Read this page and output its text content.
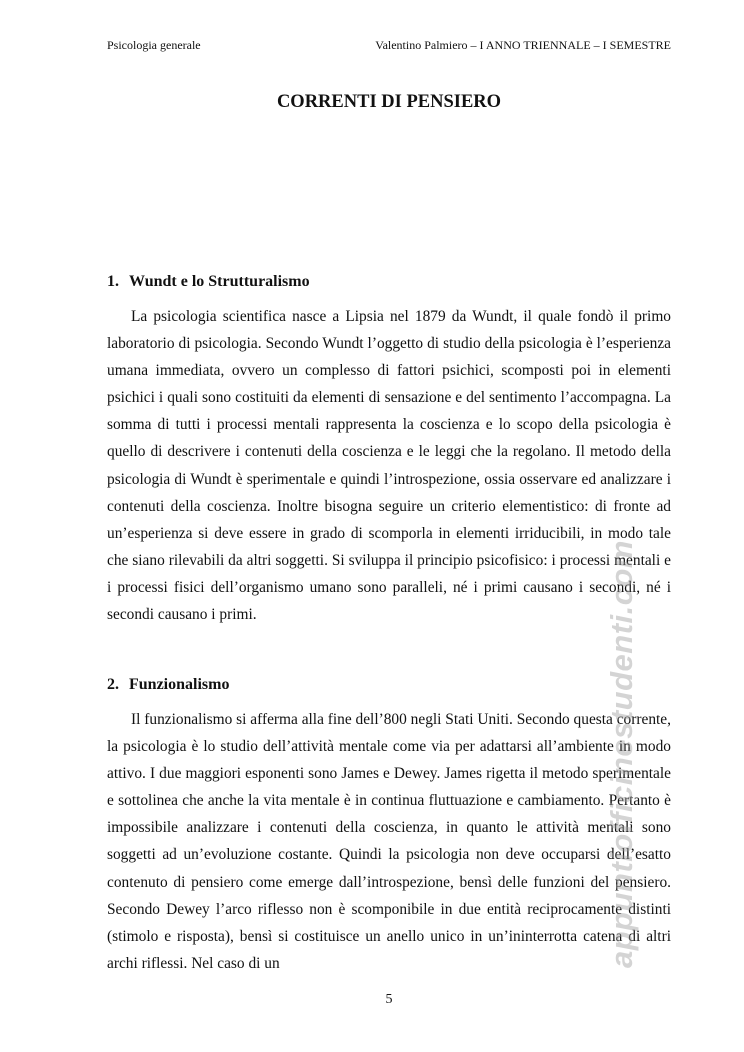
Psicologia generale	Valentino Palmiero – I ANNO TRIENNALE – I SEMESTRE
CORRENTI DI PENSIERO
1. Wundt e lo Strutturalismo

La psicologia scientifica nasce a Lipsia nel 1879 da Wundt, il quale fondò il primo laboratorio di psicologia. Secondo Wundt l’oggetto di studio della psicologia è l’esperienza umana immediata, ovvero un complesso di fattori psichici, scomposti poi in elementi psichici i quali sono costituiti da elementi di sensazione e del sentimento l’accompagna. La somma di tutti i processi mentali rappresenta la coscienza e lo scopo della psicologia è quello di descrivere i contenuti della coscienza e le leggi che la regolano. Il metodo della psicologia di Wundt è sperimentale e quindi l’introspezione, ossia osservare ed analizzare i contenuti della coscienza. Inoltre bisogna seguire un criterio elementistico: di fronte ad un’esperienza si deve essere in grado di scomporla in elementi irriducibili, in modo tale che siano rilevabili da altri soggetti. Si sviluppa il principio psicofisico: i processi mentali e i processi fisici dell’organismo umano sono paralleli, né i primi causano i secondi, né i secondi causano i primi.

2. Funzionalismo

Il funzionalismo si afferma alla fine dell’800 negli Stati Uniti. Secondo questa corrente, la psicologia è lo studio dell’attività mentale come via per adattarsi all’ambiente in modo attivo. I due maggiori esponenti sono James e Dewey. James rigetta il metodo sperimentale e sottolinea che anche la vita mentale è in continua fluttuazione e cambiamento. Pertanto è impossibile analizzare i contenuti della coscienza, in quanto le attività mentali sono soggetti ad un’evoluzione costante. Quindi la psicologia non deve occuparsi dell’esatto contenuto di pensiero come emerge dall’introspezione, bensì delle funzioni del pensiero. Secondo Dewey l’arco riflesso non è scomponibile in due entità reciprocamente distinti (stimolo e risposta), bensì si costituisce un anello unico in un’ininterrotta catena di altri archi riflessi. Nel caso di un	appuntiofficinestudenti.com
5
